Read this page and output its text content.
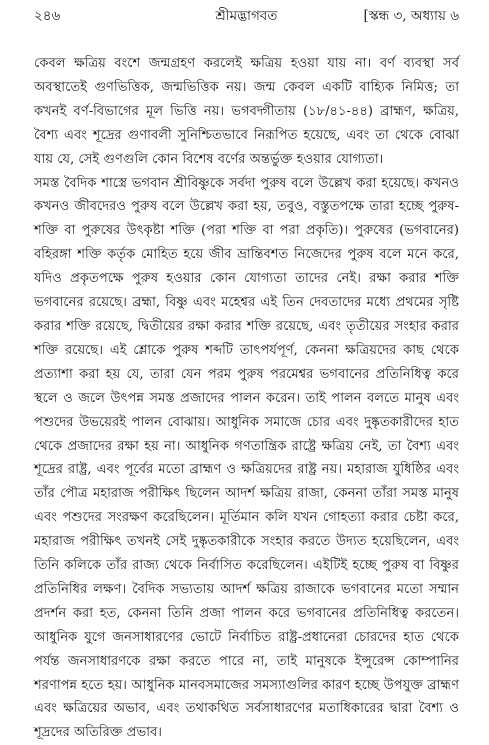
২৪৬	শ্রীমদ্ভাগবত	[স্কন্ধ ৩, অধ্যায় ৬

কেবল ক্ষত্রিয় বংশে জন্মগ্রহণ করলেই ক্ষত্রিয় হওয়া যায় না। বর্ণ ব্যবস্থা সর্ব অবস্থাতেই গুণভিত্তিক, জন্মভিত্তিক নয়। জন্ম কেবল একটি বাহ্যিক নিমিত্ত; তা কখনই বর্ণ-বিভাগের মূল ভিত্তি নয়। ভগবদ্গীতায় (১৮/৪১-৪৪) ব্রাহ্মণ, ক্ষত্রিয়, বৈশ্য এবং শূদ্রের গুণাবলী সুনিশ্চিতভাবে নিরূপিত হয়েছে, এবং তা থেকে বোঝা যায় যে, সেই গুণগুলি কোন বিশেষ বর্ণের অন্তর্ভুক্ত হওয়ার যোগ্যতা।

সমস্ত বৈদিক শাস্ত্রে ভগবান শ্রীবিষ্ণুকে সর্বদা পুরুষ বলে উল্লেখ করা হয়েছে। কখনও কখনও জীবদেরও পুরুষ বলে উল্লেখ করা হয়, তবুও, বস্তুতপক্ষে তারা হচ্ছে পুরুষ-শক্তি বা পুরুষের উৎকৃষ্টা শক্তি (পরা শক্তি বা পরা প্রকৃতি)। পুরুষের (ভগবানের) বহিরঙ্গা শক্তি কর্তৃক মোহিত হয়ে জীব ভ্রান্তিবশত নিজেদের পুরুষ বলে মনে করে, যদিও প্রকৃতপক্ষে পুরুষ হওয়ার কোন যোগ্যতা তাদের নেই। রক্ষা করার শক্তি ভগবানের রয়েছে। ব্রহ্মা, বিষ্ণু এবং মহেশ্বর এই তিন দেবতাদের মধ্যে প্রথমের সৃষ্টি করার শক্তি রয়েছে, দ্বিতীয়ের রক্ষা করার শক্তি রয়েছে, এবং তৃতীয়ের সংহার করার শক্তি রয়েছে। এই শ্লোকে পুরুষ শব্দটি তাৎপর্যপূর্ণ, কেননা ক্ষত্রিয়দের কাছ থেকে প্রত্যাশা করা হয় যে, তারা যেন পরম পুরুষ পরমেশ্বর ভগবানের প্রতিনিধিত্ব করে স্থলে ও জলে উৎপন্ন সমস্ত প্রজাদের পালন করেন। তাই পালন বলতে মানুষ এবং পশুদের উভয়েরই পালন বোঝায়। আধুনিক সমাজে চোর এবং দুষ্কৃতকারীদের হাত থেকে প্রজাদের রক্ষা হয় না। আধুনিক গণতান্ত্রিক রাষ্ট্রে ক্ষত্রিয় নেই, তা বৈশ্য এবং শূদ্রের রাষ্ট্র, এবং পূর্বের মতো ব্রাহ্মণ ও ক্ষত্রিয়দের রাষ্ট্র নয়। মহারাজ যুধিষ্ঠির এবং তাঁর পৌত্র মহারাজ পরীক্ষিৎ ছিলেন আদর্শ ক্ষত্রিয় রাজা, কেননা তাঁরা সমস্ত মানুষ এবং পশুদের সংরক্ষণ করেছিলেন। মূর্তিমান কলি যখন গোহত্যা করার চেষ্টা করে, মহারাজ পরীক্ষিৎ তখনই সেই দুষ্কৃতকারীকে সংহার করতে উদ্যত হয়েছিলেন, এবং তিনি কলিকে তাঁর রাজ্য থেকে নির্বাসিত করেছিলেন। এইটিই হচ্ছে পুরুষ বা বিষ্ণুর প্রতিনিধির লক্ষণ। বৈদিক সভ্যতায় আদর্শ ক্ষত্রিয় রাজাকে ভগবানের মতো সম্মান প্রদর্শন করা হত, কেননা তিনি প্রজা পালন করে ভগবানের প্রতিনিধিত্ব করতেন। আধুনিক যুগে জনসাধারণের ভোটে নির্বাচিত রাষ্ট্র-প্রধানেরা চোরদের হাত থেকে পর্যন্ত জনসাধারণকে রক্ষা করতে পারে না, তাই মানুষকে ইন্সুরেন্স কোম্পানির শরণাপন্ন হতে হয়। আধুনিক মানবসমাজের সমস্যাগুলির কারণ হচ্ছে উপযুক্ত ব্রাহ্মণ এবং ক্ষত্রিয়ের অভাব, এবং তথাকথিত সর্বসাধারণের মতাধিকারের দ্বারা বৈশ্য ও শূদ্রদের অতিরিক্ত প্রভাব।
